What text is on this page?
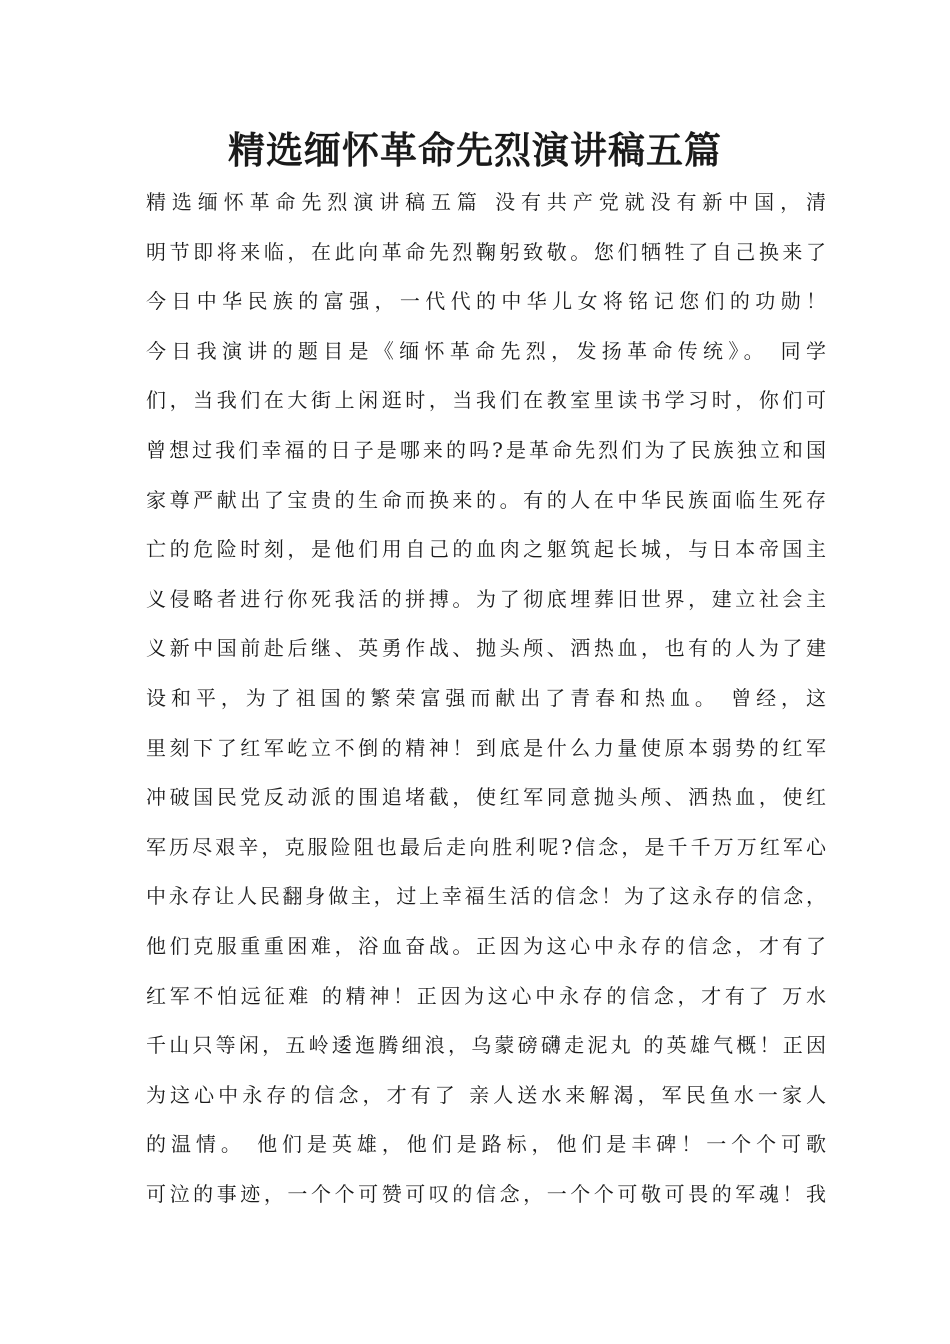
精选缅怀革命先烈演讲稿五篇
精选缅怀革命先烈演讲稿五篇 没有共产党就没有新中国，清
明节即将来临，在此向革命先烈鞠躬致敬。您们牺牲了自己换来了
今日中华民族的富强，一代代的中华儿女将铭记您们的功勋！
今日我演讲的题目是《缅怀革命先烈，发扬革命传统》。 同学
们，当我们在大街上闲逛时，当我们在教室里读书学习时，你们可
曾想过我们幸福的日子是哪来的吗?是革命先烈们为了民族独立和国
家尊严献出了宝贵的生命而换来的。有的人在中华民族面临生死存
亡的危险时刻，是他们用自己的血肉之躯筑起长城，与日本帝国主
义侵略者进行你死我活的拼搏。为了彻底埋葬旧世界，建立社会主
义新中国前赴后继、英勇作战、抛头颅、洒热血，也有的人为了建
设和平，为了祖国的繁荣富强而献出了青春和热血。 曾经，这
里刻下了红军屹立不倒的精神！到底是什么力量使原本弱势的红军
冲破国民党反动派的围追堵截，使红军同意抛头颅、洒热血，使红
军历尽艰辛，克服险阻也最后走向胜利呢?信念，是千千万万红军心
中永存让人民翻身做主，过上幸福生活的信念！为了这永存的信念，
他们克服重重困难，浴血奋战。正因为这心中永存的信念，才有了
红军不怕远征难 的精神！正因为这心中永存的信念，才有了 万水
千山只等闲，五岭逶迤腾细浪，乌蒙磅礴走泥丸 的英雄气概！正因
为这心中永存的信念，才有了 亲人送水来解渴，军民鱼水一家人
的温情。 他们是英雄，他们是路标，他们是丰碑！一个个可歌
可泣的事迹，一个个可赞可叹的信念，一个个可敬可畏的军魂！我
